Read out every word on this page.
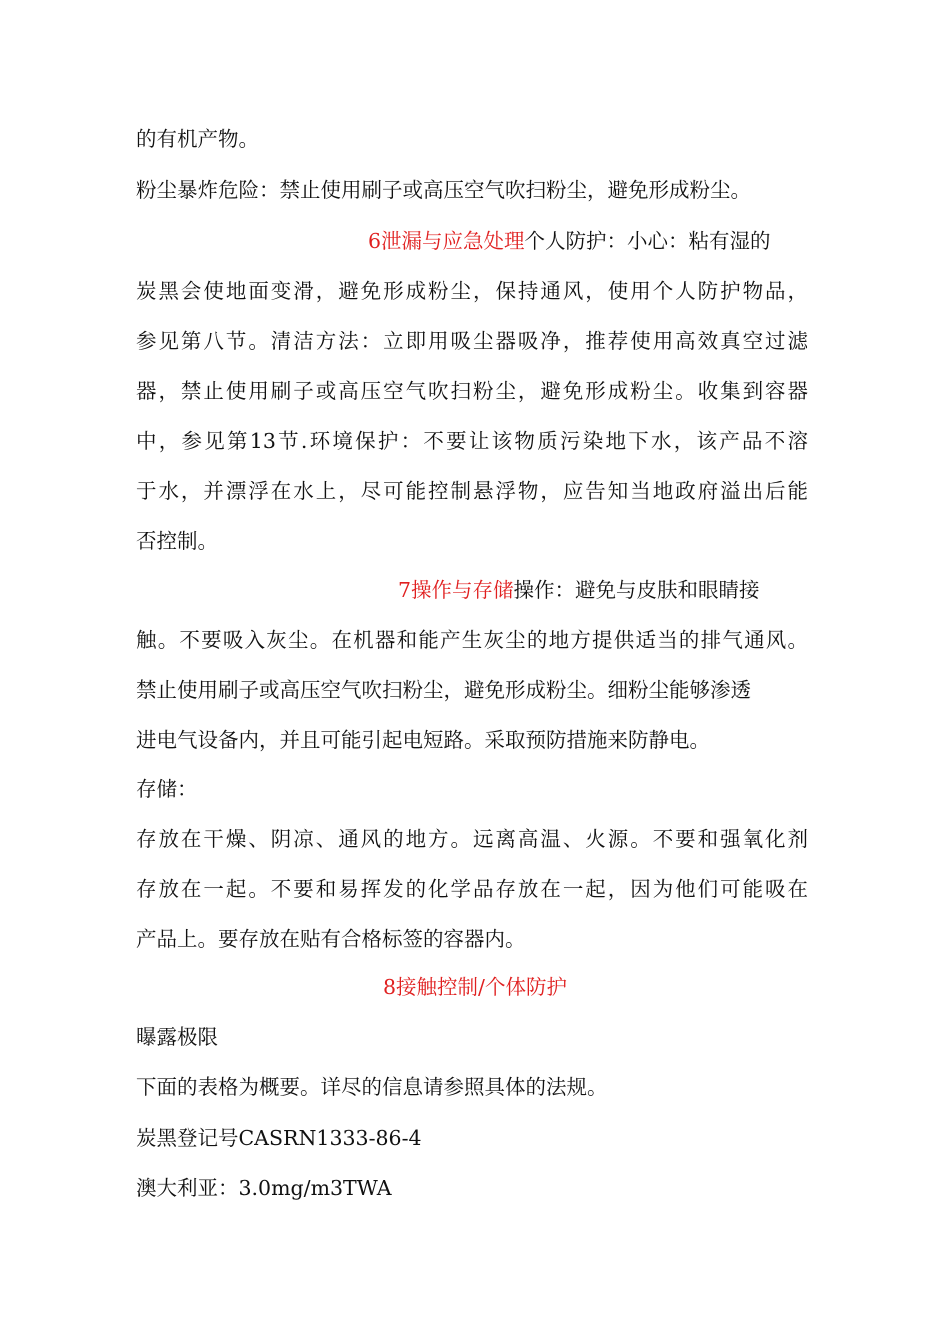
的有机产物。
粉尘暴炸危险：禁止使用刷子或高压空气吹扫粉尘，避免形成粉尘。
6泄漏与应急处理个人防护：小心：粘有湿的
炭黑会使地面变滑，避免形成粉尘，保持通风，使用个人防护物品，
参见第八节。清洁方法：立即用吸尘器吸净，推荐使用高效真空过滤
器，禁止使用刷子或高压空气吹扫粉尘，避免形成粉尘。收集到容器
中，参见第13节.环境保护：不要让该物质污染地下水，该产品不溶
于水，并漂浮在水上，尽可能控制悬浮物，应告知当地政府溢出后能
否控制。
7操作与存储操作：避免与皮肤和眼睛接
触。不要吸入灰尘。在机器和能产生灰尘的地方提供适当的排气通风。
禁止使用刷子或高压空气吹扫粉尘，避免形成粉尘。细粉尘能够渗透
进电气设备内，并且可能引起电短路。采取预防措施来防静电。
存储：
存放在干燥、阴凉、通风的地方。远离高温、火源。不要和强氧化剂
存放在一起。不要和易挥发的化学品存放在一起，因为他们可能吸在
产品上。要存放在贴有合格标签的容器内。
8接触控制/个体防护
曝露极限
下面的表格为概要。详尽的信息请参照具体的法规。
炭黑登记号CASRN1333-86-4
澳大利亚：3.0mg/m3TWA
